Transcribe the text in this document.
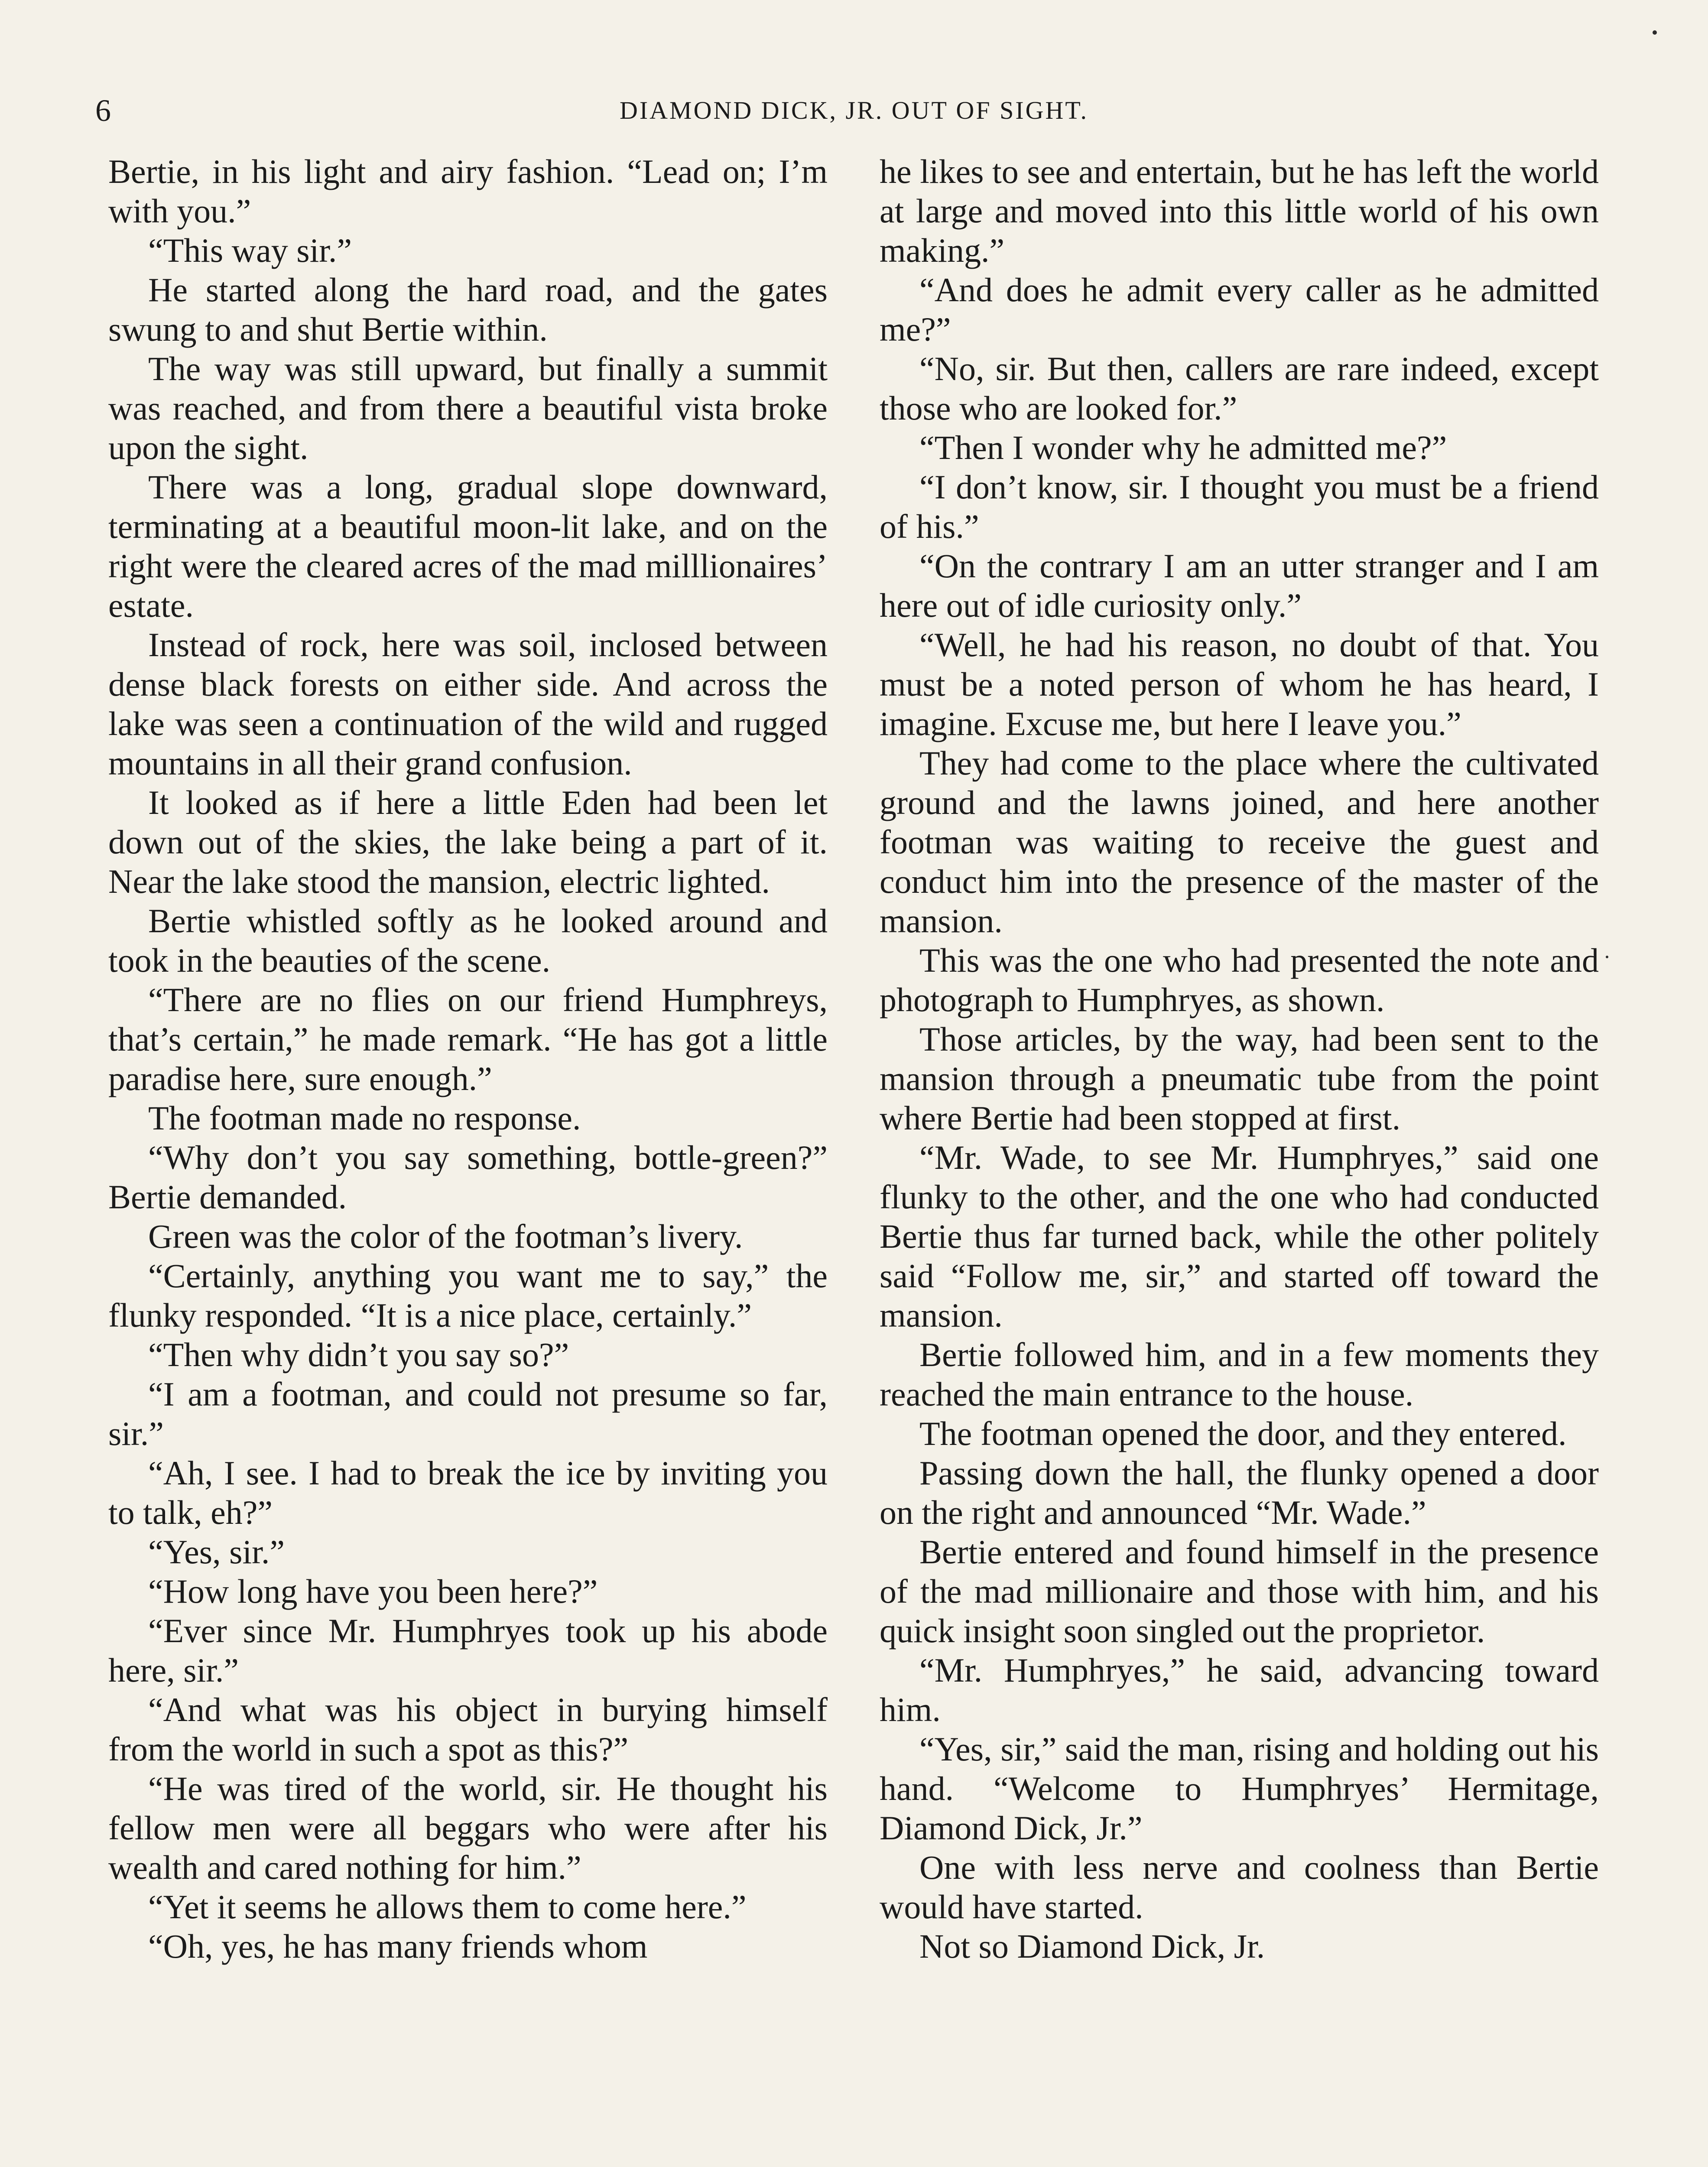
6	DIAMOND DICK, JR. OUT OF SIGHT.

Bertie, in his light and airy fashion. “Lead on; I’m with you.”

“This way sir.”

He started along the hard road, and the gates swung to and shut Bertie within.

The way was still upward, but finally a summit was reached, and from there a beautiful vista broke upon the sight.

There was a long, gradual slope downward, terminating at a beautiful moon-lit lake, and on the right were the cleared acres of the mad milllionaires’ estate.

Instead of rock, here was soil, inclosed between dense black forests on either side. And across the lake was seen a continuation of the wild and rugged mountains in all their grand confusion.

It looked as if here a little Eden had been let down out of the skies, the lake being a part of it. Near the lake stood the mansion, electric lighted.

Bertie whistled softly as he looked around and took in the beauties of the scene.

“There are no flies on our friend Humphreys, that’s certain,” he made remark. “He has got a little paradise here, sure enough.”

The footman made no response.

“Why don’t you say something, bottle-green?” Bertie demanded.

Green was the color of the footman’s livery.

“Certainly, anything you want me to say,” the flunky responded. “It is a nice place, certainly.”

“Then why didn’t you say so?”

“I am a footman, and could not presume so far, sir.”

“Ah, I see. I had to break the ice by inviting you to talk, eh?”

“Yes, sir.”

“How long have you been here?”

“Ever since Mr. Humphryes took up his abode here, sir.”

“And what was his object in burying himself from the world in such a spot as this?”

“He was tired of the world, sir. He thought his fellow men were all beggars who were after his wealth and cared nothing for him.”

“Yet it seems he allows them to come here.”

“Oh, yes, he has many friends whom

he likes to see and entertain, but he has left the world at large and moved into this little world of his own making.”

“And does he admit every caller as he admitted me?”

“No, sir. But then, callers are rare indeed, except those who are looked for.”

“Then I wonder why he admitted me?”

“I don’t know, sir. I thought you must be a friend of his.”

“On the contrary I am an utter stranger and I am here out of idle curiosity only.”

“Well, he had his reason, no doubt of that. You must be a noted person of whom he has heard, I imagine. Excuse me, but here I leave you.”

They had come to the place where the cultivated ground and the lawns joined, and here another footman was waiting to receive the guest and conduct him into the presence of the master of the mansion.

This was the one who had presented the note and photograph to Humphryes, as shown.

Those articles, by the way, had been sent to the mansion through a pneumatic tube from the point where Bertie had been stopped at first.

“Mr. Wade, to see Mr. Humphryes,” said one flunky to the other, and the one who had conducted Bertie thus far turned back, while the other politely said “Follow me, sir,” and started off toward the mansion.

Bertie followed him, and in a few moments they reached the main entrance to the house.

The footman opened the door, and they entered.

Passing down the hall, the flunky opened a door on the right and announced “Mr. Wade.”

Bertie entered and found himself in the presence of the mad millionaire and those with him, and his quick insight soon singled out the proprietor.

“Mr. Humphryes,” he said, advancing toward him.

“Yes, sir,” said the man, rising and holding out his hand. “Welcome to Humphryes’ Hermitage, Diamond Dick, Jr.”

One with less nerve and coolness than Bertie would have started.

Not so Diamond Dick, Jr.
